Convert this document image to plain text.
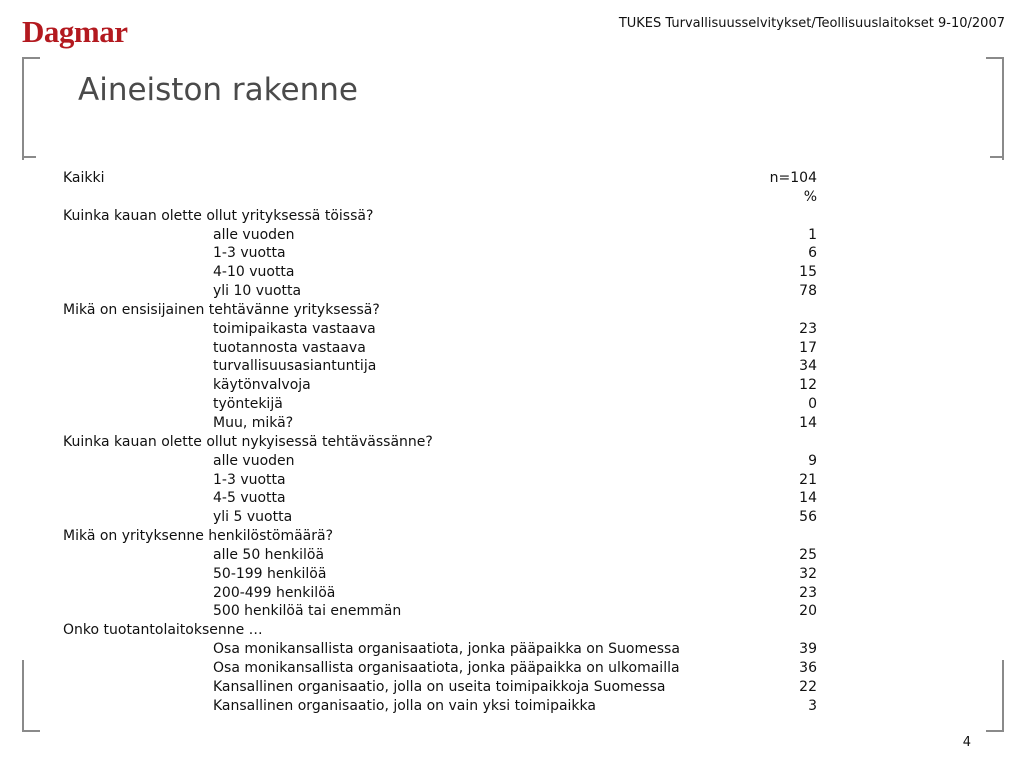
Dagmar	TUKES Turvallisuusselvitykset/Teollisuuslaitokset 9-10/2007
Aineiston rakenne
Kaikki	n=104
%
Kuinka kauan olette ollut yrityksessä töissä?
alle vuoden	1
1-3 vuotta	6
4-10 vuotta	15
yli 10 vuotta	78
Mikä on ensisijainen tehtävänne yrityksessä?
toimipaikasta vastaava	23
tuotannosta vastaava	17
turvallisuusasiantuntija	34
käytönvalvoja	12
työntekijä	0
Muu, mikä?	14
Kuinka kauan olette ollut nykyisessä tehtävässänne?
alle vuoden	9
1-3 vuotta	21
4-5 vuotta	14
yli 5 vuotta	56
Mikä on yrityksenne henkilöstömäärä?
alle 50 henkilöä	25
50-199 henkilöä	32
200-499 henkilöä	23
500 henkilöä tai enemmän	20
Onko tuotantolaitoksenne …
Osa monikansallista organisaatiota, jonka pääpaikka on Suomessa	39
Osa monikansallista organisaatiota, jonka pääpaikka on ulkomailla	36
Kansallinen organisaatio, jolla on useita toimipaikkoja Suomessa	22
Kansallinen organisaatio, jolla on vain yksi toimipaikka	3
4
